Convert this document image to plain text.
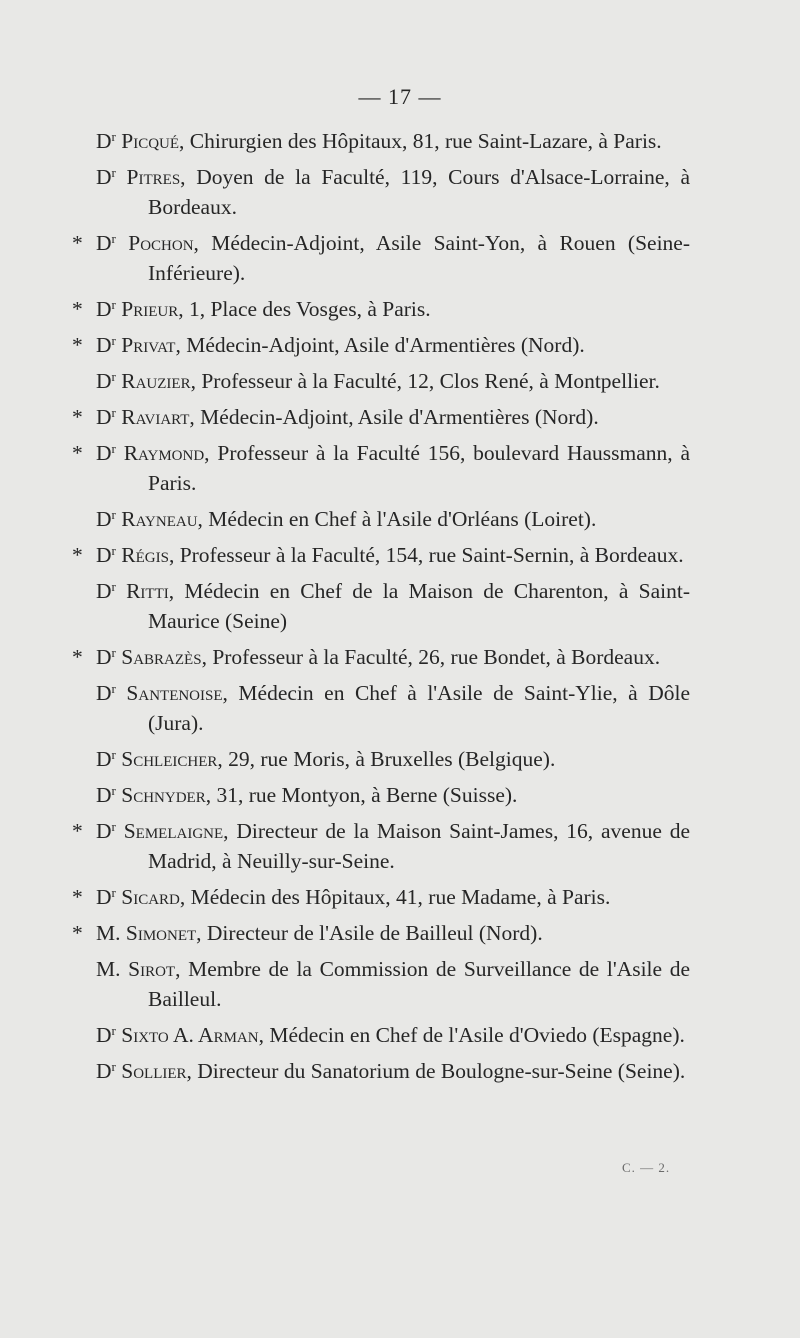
— 17 —

$D^r$ Picqué, Chirurgien des Hôpitaux, 81, rue Saint-Lazare, à Paris.

$D^r$ Pitres, Doyen de la Faculté, 119, Cours d'Alsace-Lorraine, à Bordeaux.

* $D^r$ Pochon, Médecin-Adjoint, Asile Saint-Yon, à Rouen (Seine-Inférieure).

* $D^r$ Prieur, 1, Place des Vosges, à Paris.

* $D^r$ Privat, Médecin-Adjoint, Asile d'Armentières (Nord).

$D^r$ Rauzier, Professeur à la Faculté, 12, Clos René, à Montpellier.

* $D^r$ Raviart, Médecin-Adjoint, Asile d'Armentières (Nord).

* $D^r$ Raymond, Professeur à la Faculté 156, boulevard Haussmann, à Paris.

$D^r$ Rayneau, Médecin en Chef à l'Asile d'Orléans (Loiret).

* $D^r$ Régis, Professeur à la Faculté, 154, rue Saint-Sernin, à Bordeaux.

$D^r$ Ritti, Médecin en Chef de la Maison de Charenton, à Saint-Maurice (Seine)

* $D^r$ Sabrazès, Professeur à la Faculté, 26, rue Bondet, à Bordeaux.

$D^r$ Santenoise, Médecin en Chef à l'Asile de Saint-Ylie, à Dôle (Jura).

$D^r$ Schleicher, 29, rue Moris, à Bruxelles (Belgique).

$D^r$ Schnyder, 31, rue Montyon, à Berne (Suisse).

* $D^r$ Semelaigne, Directeur de la Maison Saint-James, 16, avenue de Madrid, à Neuilly-sur-Seine.

* $D^r$ Sicard, Médecin des Hôpitaux, 41, rue Madame, à Paris.

* M. Simonet, Directeur de l'Asile de Bailleul (Nord).

M. Sirot, Membre de la Commission de Surveillance de l'Asile de Bailleul.

$D^r$ Sixto A. Arman, Médecin en Chef de l'Asile d'Oviedo (Espagne).

$D^r$ Sollier, Directeur du Sanatorium de Boulogne-sur-Seine (Seine).

C. — 2.
